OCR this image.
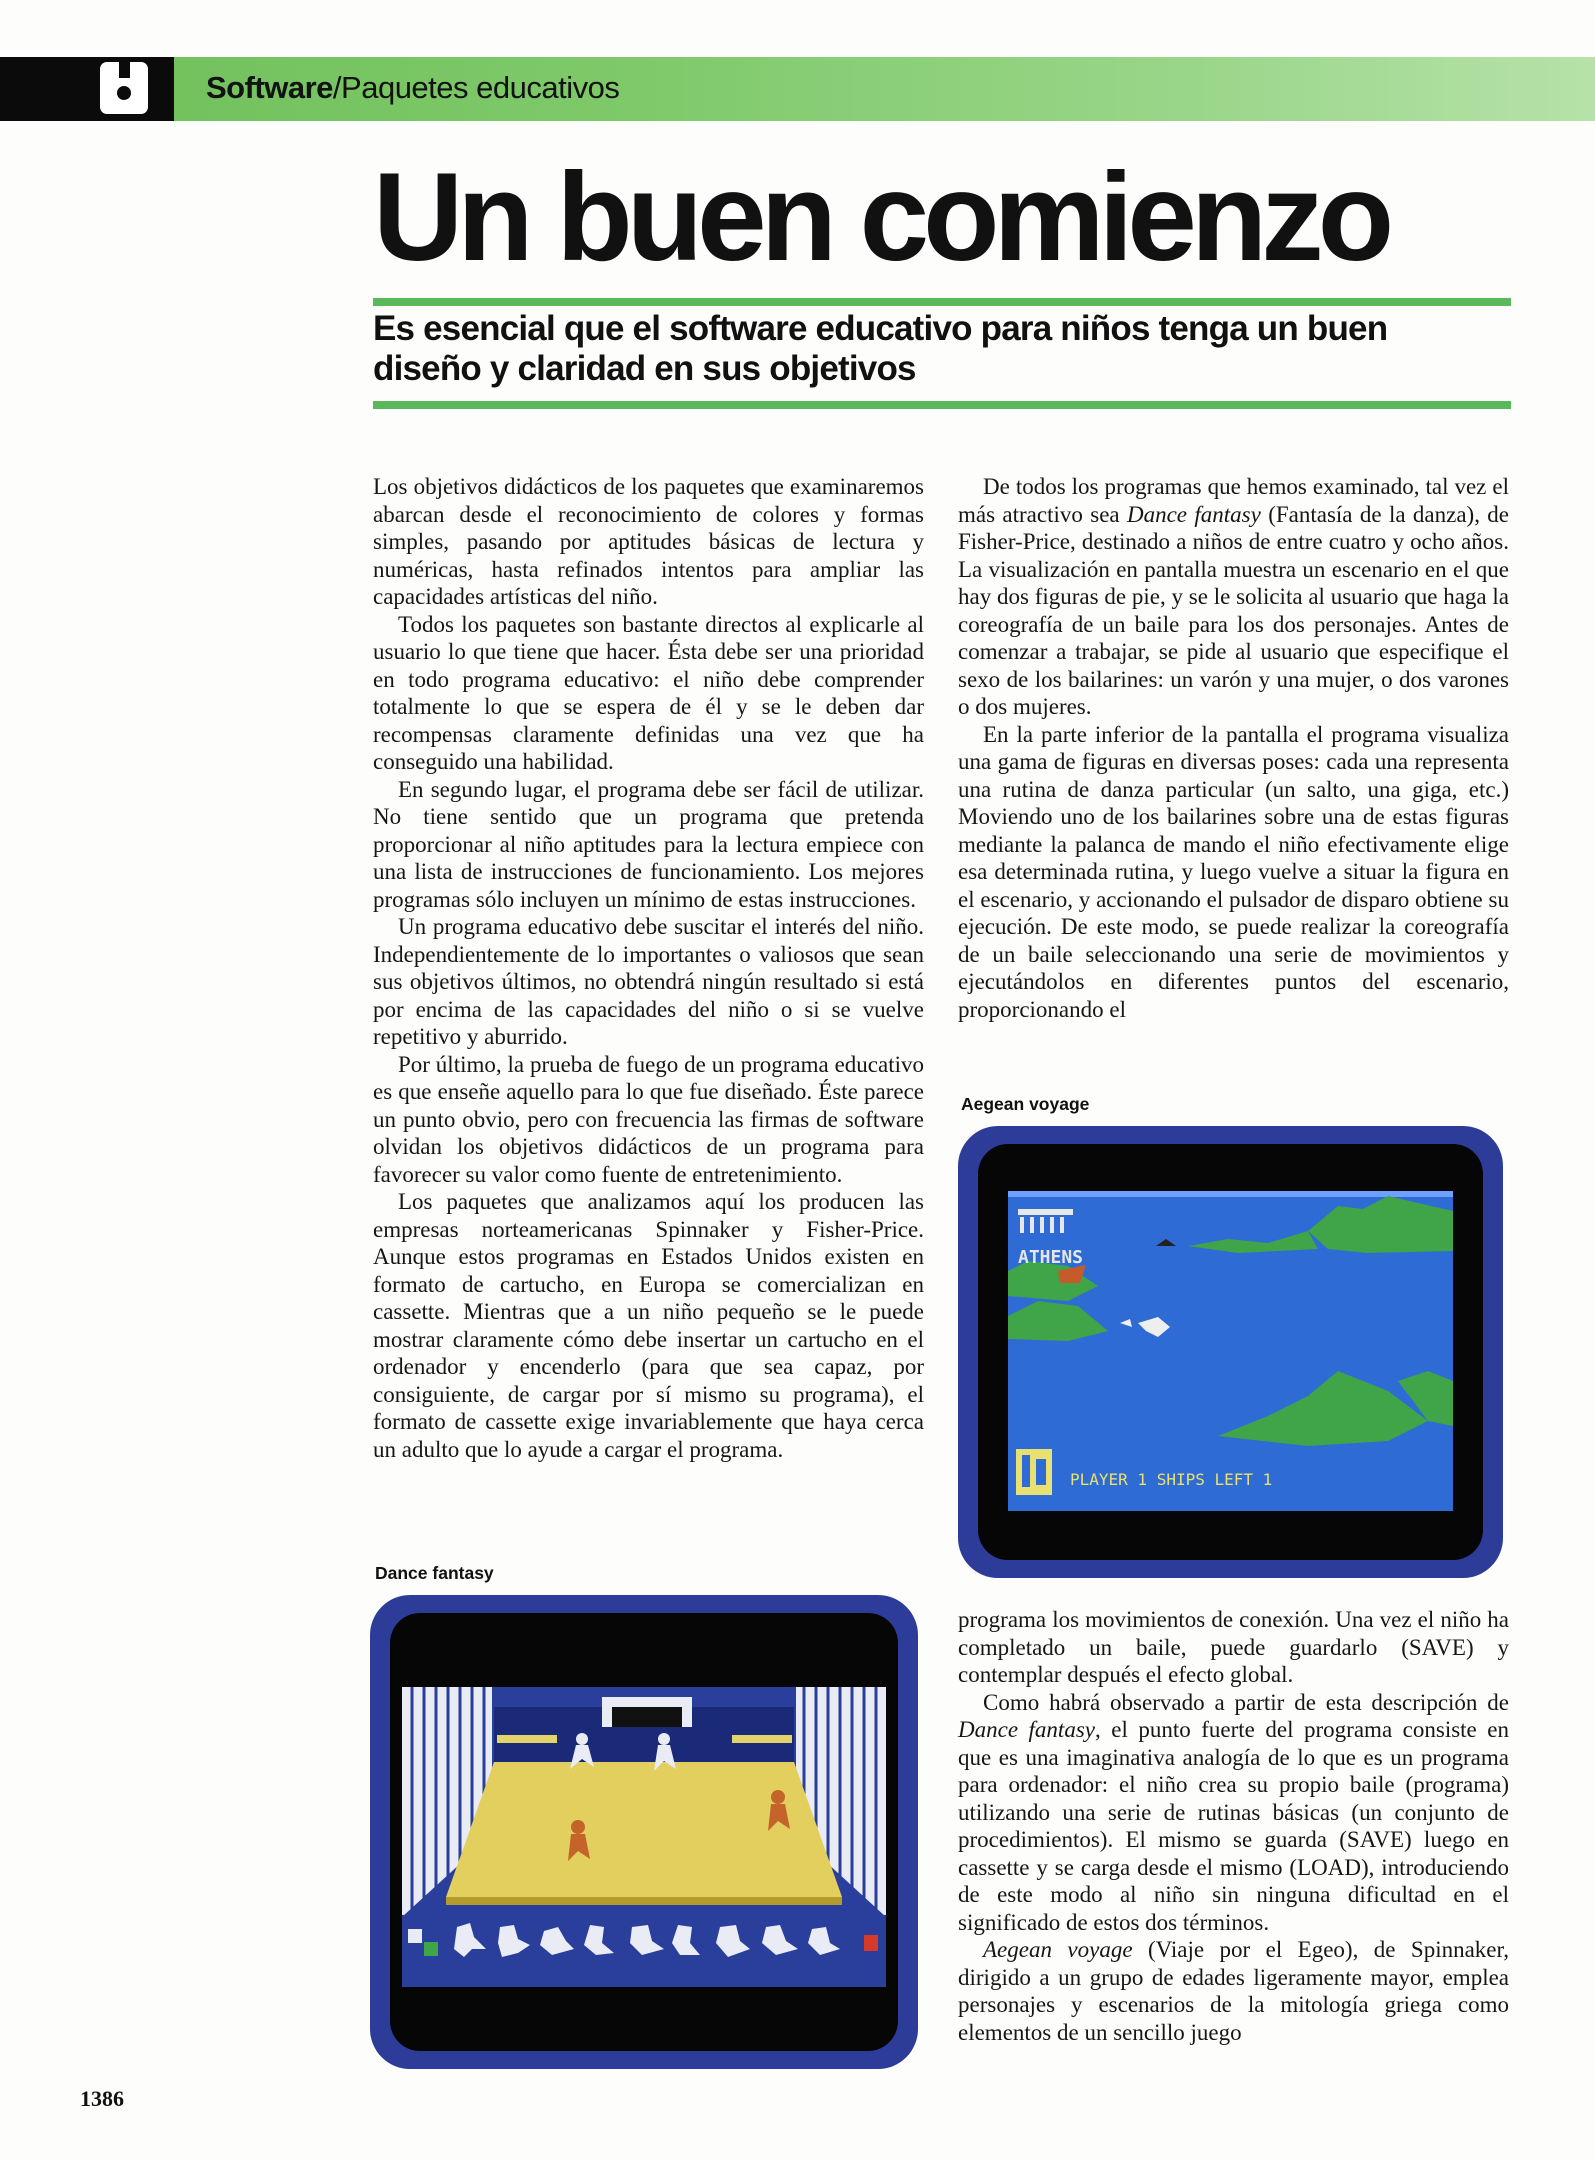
Software/Paquetes educativos
Un buen comienzo
Es esencial que el software educativo para niños tenga un buen diseño y claridad en sus objetivos

Los objetivos didácticos de los paquetes que examinaremos abarcan desde el reconocimiento de colores y formas simples, pasando por aptitudes básicas de lectura y numéricas, hasta refinados intentos para ampliar las capacidades artísticas del niño.

Todos los paquetes son bastante directos al explicarle al usuario lo que tiene que hacer. Ésta debe ser una prioridad en todo programa educativo: el niño debe comprender totalmente lo que se espera de él y se le deben dar recompensas claramente definidas una vez que ha conseguido una habilidad.

En segundo lugar, el programa debe ser fácil de utilizar. No tiene sentido que un programa que pretenda proporcionar al niño aptitudes para la lectura empiece con una lista de instrucciones de funcionamiento. Los mejores programas sólo incluyen un mínimo de estas instrucciones.

Un programa educativo debe suscitar el interés del niño. Independientemente de lo importantes o valiosos que sean sus objetivos últimos, no obtendrá ningún resultado si está por encima de las capacidades del niño o si se vuelve repetitivo y aburrido.

Por último, la prueba de fuego de un programa educativo es que enseñe aquello para lo que fue diseñado. Éste parece un punto obvio, pero con frecuencia las firmas de software olvidan los objetivos didácticos de un programa para favorecer su valor como fuente de entretenimiento.

Los paquetes que analizamos aquí los producen las empresas norteamericanas Spinnaker y Fisher-Price. Aunque estos programas en Estados Unidos existen en formato de cartucho, en Europa se comercializan en cassette. Mientras que a un niño pequeño se le puede mostrar claramente cómo debe insertar un cartucho en el ordenador y encenderlo (para que sea capaz, por consiguiente, de cargar por sí mismo su programa), el formato de cassette exige invariablemente que haya cerca un adulto que lo ayude a cargar el programa.

De todos los programas que hemos examinado, tal vez el más atractivo sea Dance fantasy (Fantasía de la danza), de Fisher-Price, destinado a niños de entre cuatro y ocho años. La visualización en pantalla muestra un escenario en el que hay dos figuras de pie, y se le solicita al usuario que haga la coreografía de un baile para los dos personajes. Antes de comenzar a trabajar, se pide al usuario que especifique el sexo de los bailarines: un varón y una mujer, o dos varones o dos mujeres.

En la parte inferior de la pantalla el programa visualiza una gama de figuras en diversas poses: cada una representa una rutina de danza particular (un salto, una giga, etc.) Moviendo uno de los bailarines sobre una de estas figuras mediante la palanca de mando el niño efectivamente elige esa determinada rutina, y luego vuelve a situar la figura en el escenario, y accionando el pulsador de disparo obtiene su ejecución. De este modo, se puede realizar la coreografía de un baile seleccionando una serie de movimientos y ejecutándolos en diferentes puntos del escenario, proporcionando el

Aegean voyage
ATHENS
PLAYER 1 SHIPS LEFT 1

programa los movimientos de conexión. Una vez el niño ha completado un baile, puede guardarlo (SAVE) y contemplar después el efecto global.

Como habrá observado a partir de esta descripción de Dance fantasy, el punto fuerte del programa consiste en que es una imaginativa analogía de lo que es un programa para ordenador: el niño crea su propio baile (programa) utilizando una serie de rutinas básicas (un conjunto de procedimientos). El mismo se guarda (SAVE) luego en cassette y se carga desde el mismo (LOAD), introduciendo de este modo al niño sin ninguna dificultad en el significado de estos dos términos.

Aegean voyage (Viaje por el Egeo), de Spinnaker, dirigido a un grupo de edades ligeramente mayor, emplea personajes y escenarios de la mitología griega como elementos de un sencillo juego

Dance fantasy
1386
